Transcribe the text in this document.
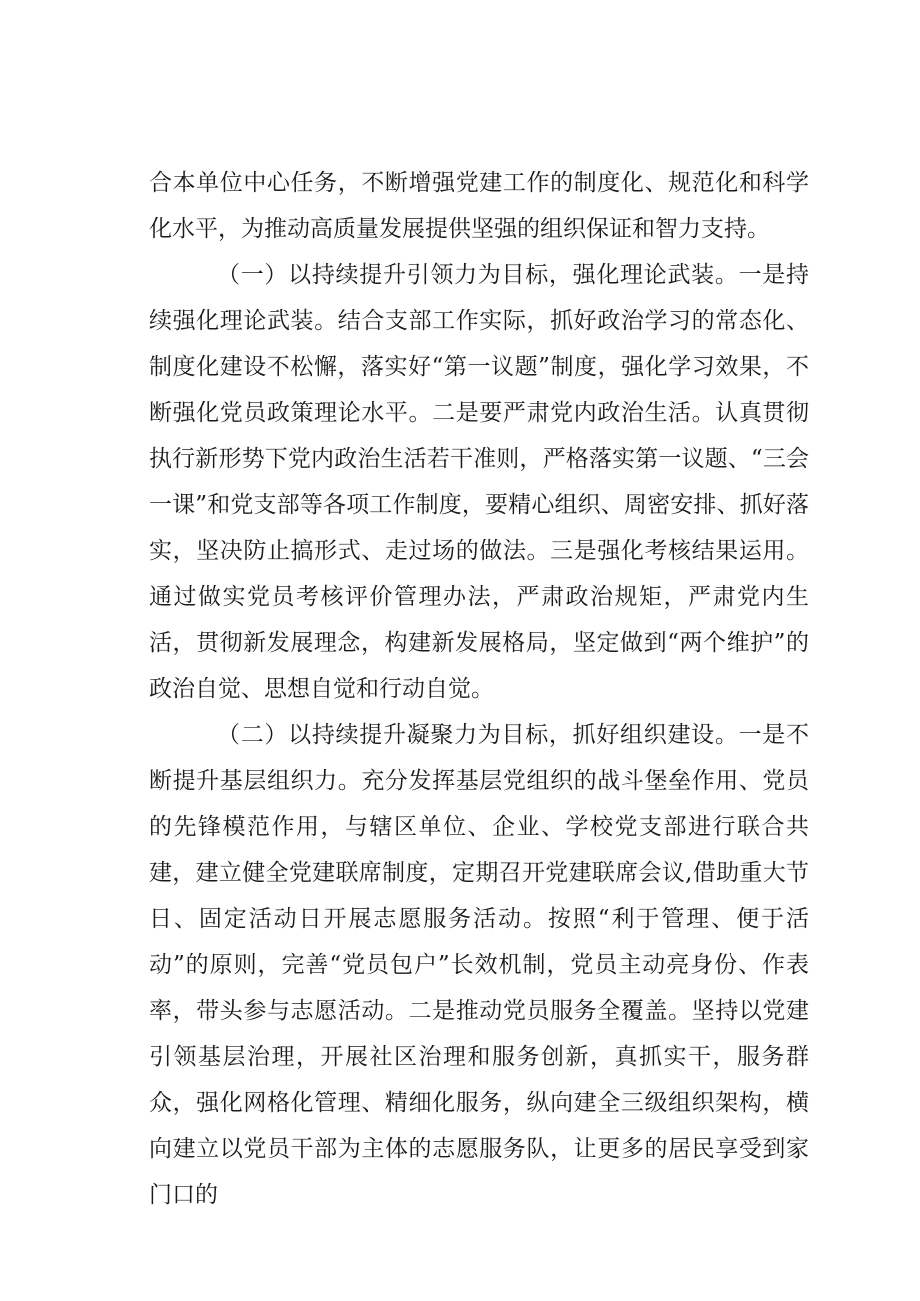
合本单位中心任务，不断增强党建工作的制度化、规范化和科学化水平，为推动高质量发展提供坚强的组织保证和智力支持。

（一）以持续提升引领力为目标，强化理论武装。一是持续强化理论武装。结合支部工作实际，抓好政治学习的常态化、制度化建设不松懈，落实好“第一议题”制度，强化学习效果，不断强化党员政策理论水平。二是要严肃党内政治生活。认真贯彻执行新形势下党内政治生活若干准则，严格落实第一议题、“三会一课”和党支部等各项工作制度，要精心组织、周密安排、抓好落实，坚决防止搞形式、走过场的做法。三是强化考核结果运用。通过做实党员考核评价管理办法，严肃政治规矩，严肃党内生活，贯彻新发展理念，构建新发展格局，坚定做到“两个维护”的政治自觉、思想自觉和行动自觉。

（二）以持续提升凝聚力为目标，抓好组织建设。一是不断提升基层组织力。充分发挥基层党组织的战斗堡垒作用、党员的先锋模范作用，与辖区单位、企业、学校党支部进行联合共建，建立健全党建联席制度，定期召开党建联席会议,借助重大节日、固定活动日开展志愿服务活动。按照“利于管理、便于活动”的原则，完善“党员包户”长效机制，党员主动亮身份、作表率，带头参与志愿活动。二是推动党员服务全覆盖。坚持以党建引领基层治理，开展社区治理和服务创新，真抓实干，服务群众，强化网格化管理、精细化服务，纵向建全三级组织架构，横向建立以党员干部为主体的志愿服务队，让更多的居民享受到家门口的
